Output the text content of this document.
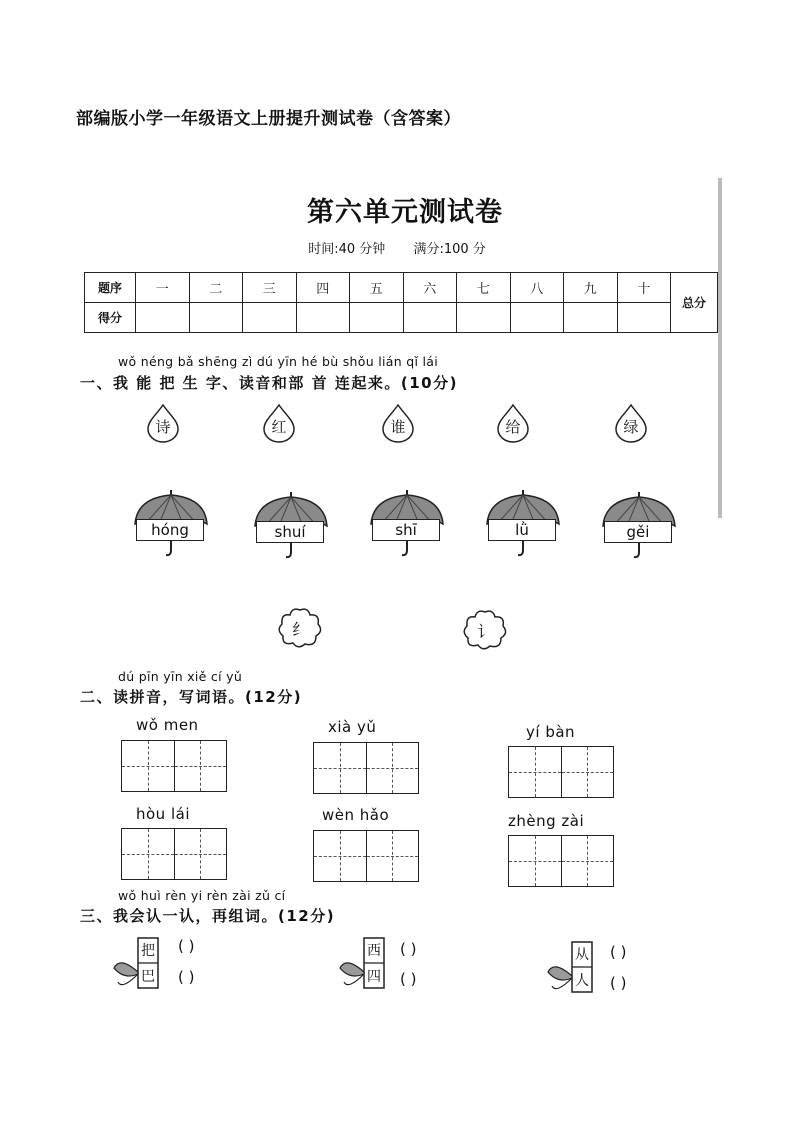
部编版小学一年级语文上册提升测试卷（含答案）
第六单元测试卷
时间:40 分钟 满分:100 分
题序	一	二	三	四	五	六	七	八	九	十	总分
得分											
wǒ néng bǎ shēng zì dú yīn hé bù shǒu lián qǐ lái
一、我 能 把 生 字、读音和部 首 连起来。(10分)
诗	红	谁	给	绿
hóng	shuí	shī	lǜ	gěi
纟	讠
dú pīn yīn xiě cí yǔ
二、读拼音，写词语。(12分)
wǒ men	xià yǔ	yí bàn
hòu lái	wèn hǎo	zhèng zài
wǒ huì rèn yi rèn zài zǔ cí
三、我会认一认，再组词。(12分)
把
巴
( )
( )
西
四
( )
( )
从
人
( )
( )
